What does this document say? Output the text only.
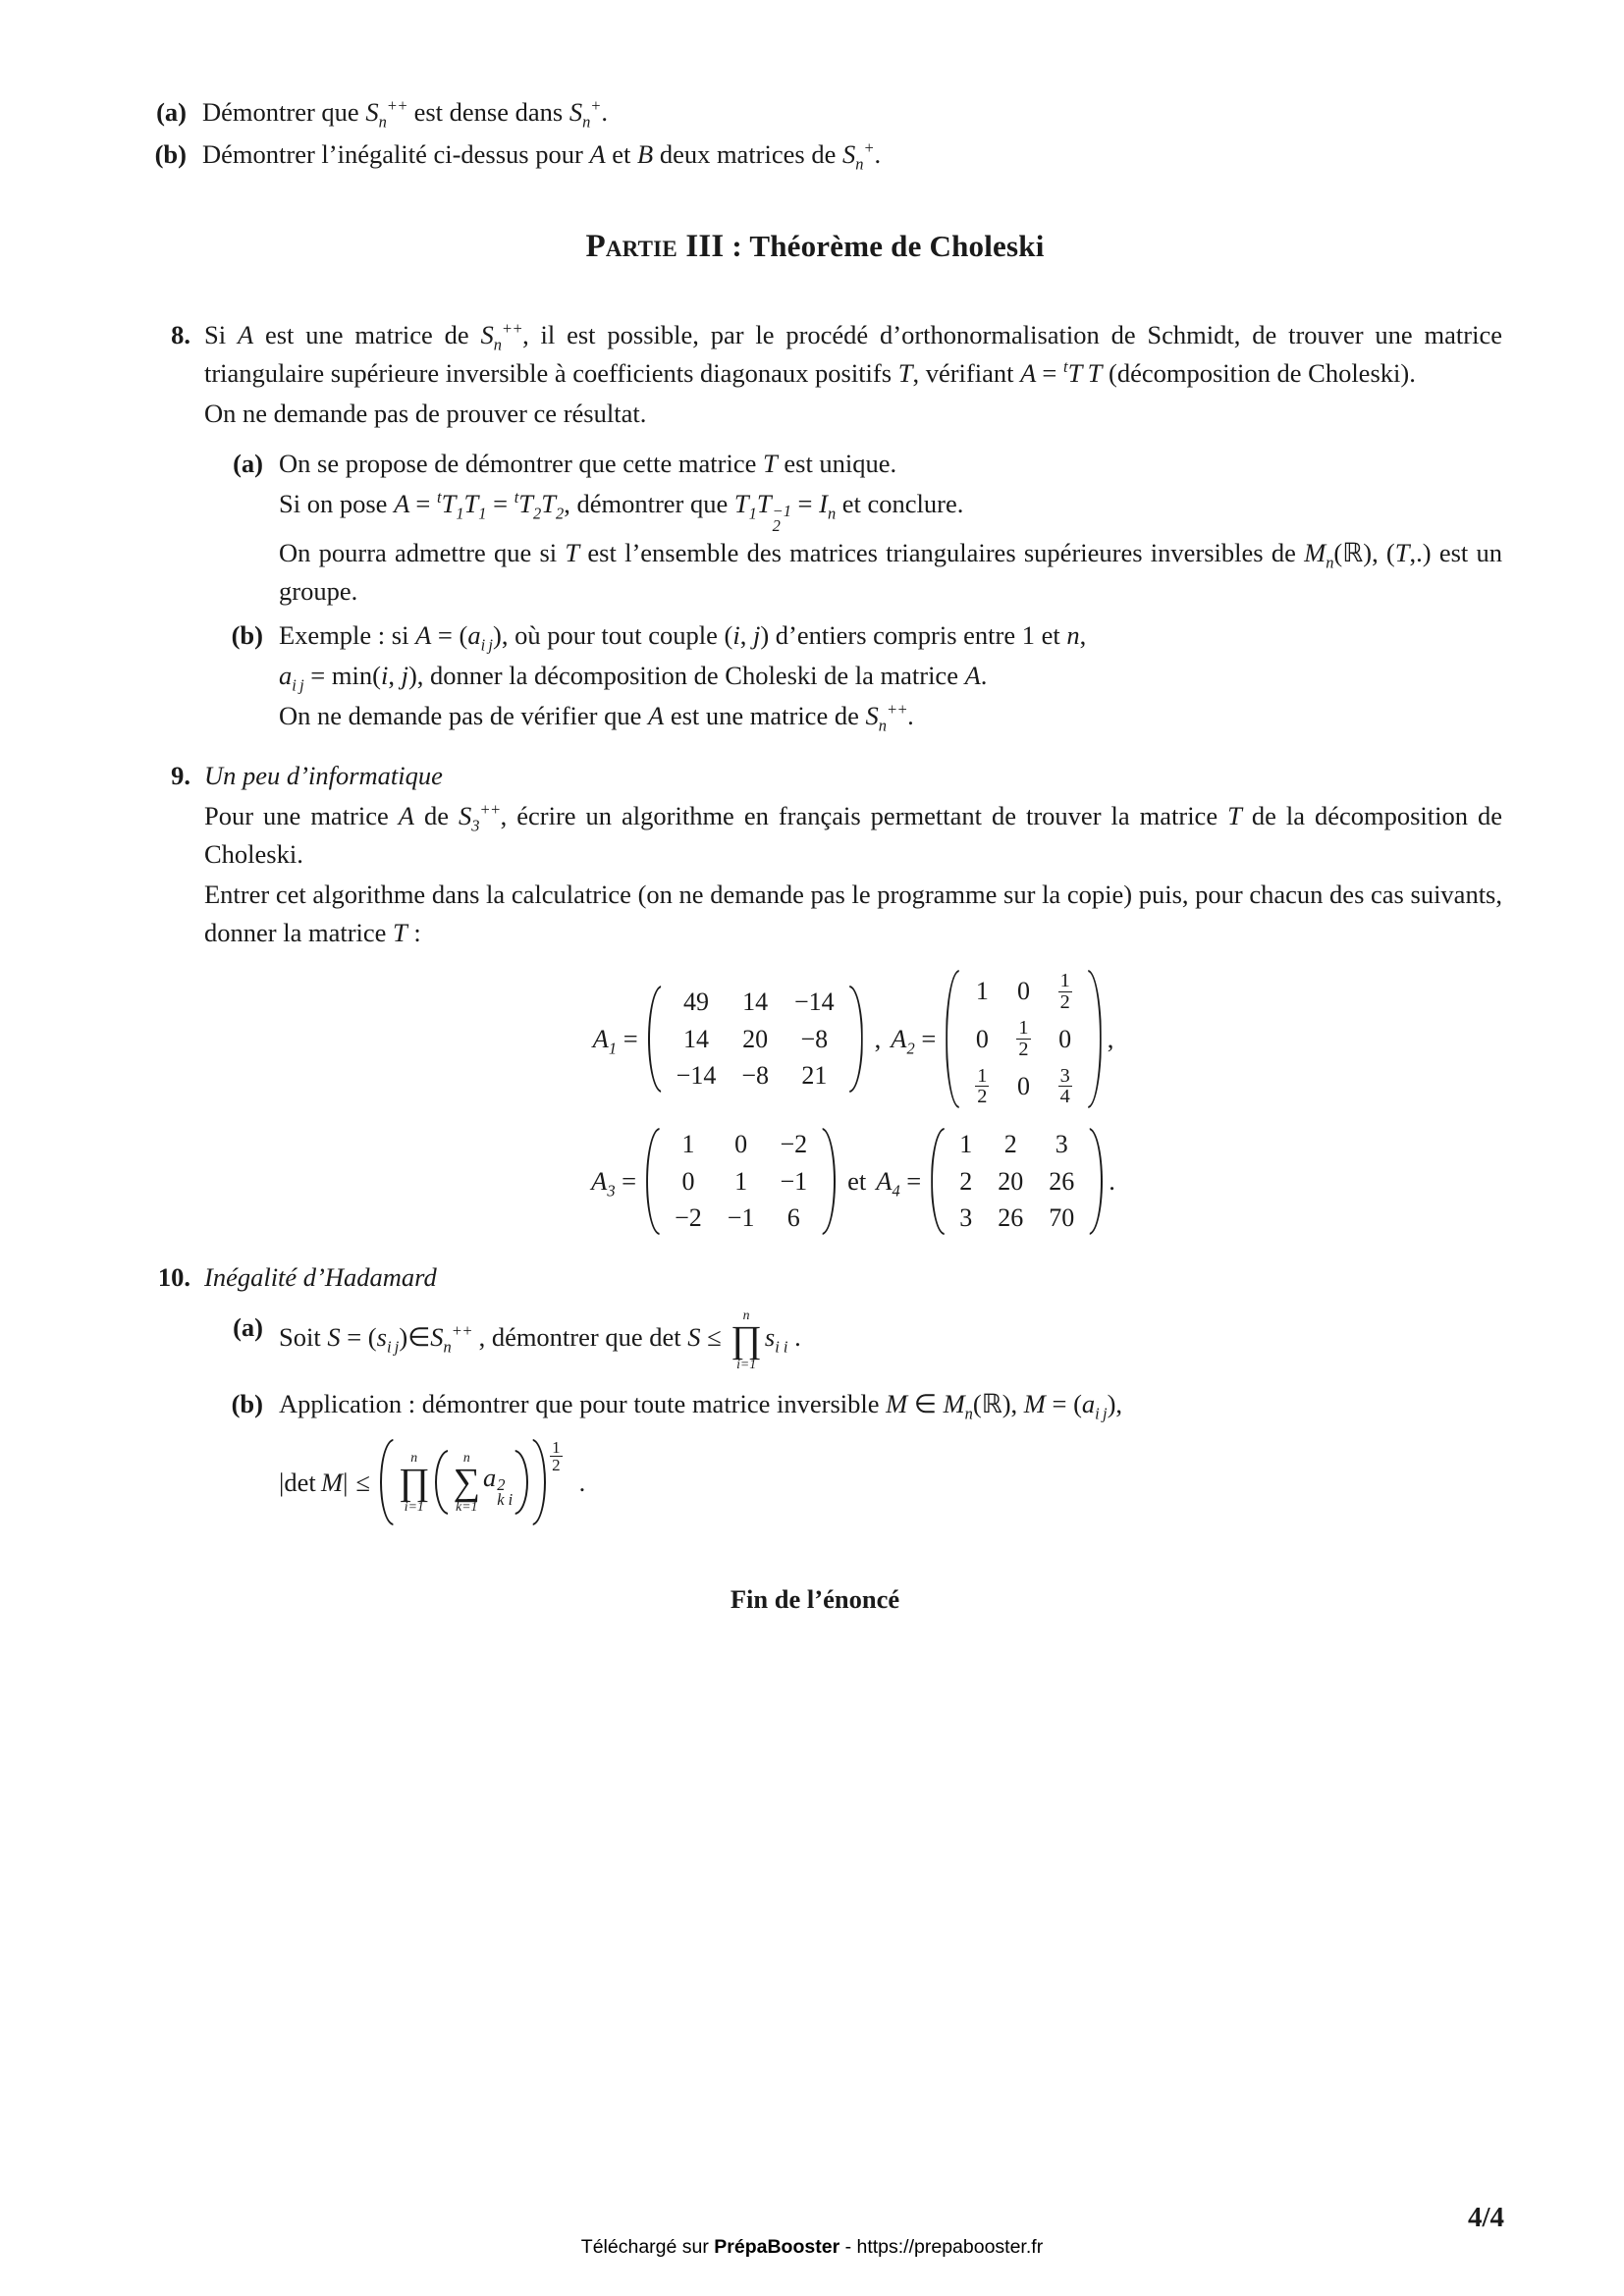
(a) Démontrer que $S_n^{++}$ est dense dans $S_n^+$.
(b) Démontrer l’inégalité ci-dessus pour A et B deux matrices de $S_n^+$.
Partie III : Théorème de Choleski
8. Si A est une matrice de $S_n^{++}$, il est possible, par le procédé d’orthonormalisation de Schmidt, de trouver une matrice triangulaire supérieure inversible à coefficients diagonaux positifs T, vérifiant A = $^t$T  T (décomposition de Choleski).
On ne demande pas de prouver ce résultat.
(a) On se propose de démontrer que cette matrice T est unique.
Si on pose $A = ^tT_1T_1 = ^tT_2T_2$, démontrer que $T_1T -1$
2
= $I_n$ et conclure.
On pourra admettre que si T est l’ensemble des matrices triangulaires supérieures inversibles de $M_n(ℝ)$, (T,.) est un groupe.
(b) Exemple : si $A = (a_{i j})$, où pour tout couple (i, j) d’entiers compris entre 1 et n,
$a_{i j} = \min(i$, j), donner la décomposition de Choleski de la matrice A.
On ne demande pas de vérifier que A est une matrice de $S_n^{++}$.
9. Un peu d’informatique
Pour une matrice A de $S_3^{++}$, écrire un algorithme en français permettant de trouver la matrice T de la décomposition de Choleski.
Entrer cet algorithme dans la calculatrice (on ne demande pas le programme sur la copie) puis, pour chacun des cas suivants, donner la matrice T :
$A_1$ =
49	14	−14
14	20	−8
−14	−8	21
, $A_2$ =
1	0	$\frac{1}{2}$

0	$\frac{1}{2}$	0

$\frac{1}{2}$	0	$\frac{3}{4}$
,
$A_3$ =
1	0	−2
0	1	−1
−2	−1	6
et $A_4$ =
1	2	3
2	20	26
3	26	70
.
10. Inégalité d’Hadamard
(a) Soit $S = (s_{i j})\in S_n^{++}$ , démontrer que det S ≤
n
∏
i=1
$s_{i i}$ .
(b) Application : démontrer que pour toute matrice inversible M ∈ $M_n(ℝ)$, $M = (a_{i j})$,
|det  M| ≤
n
∏
i=1
n
∑
k=1
a 2
k i
$\frac{1}{2}$
.
Fin de l’énoncé
4/4
Téléchargé sur PrépaBooster - https://prepabooster.fr
